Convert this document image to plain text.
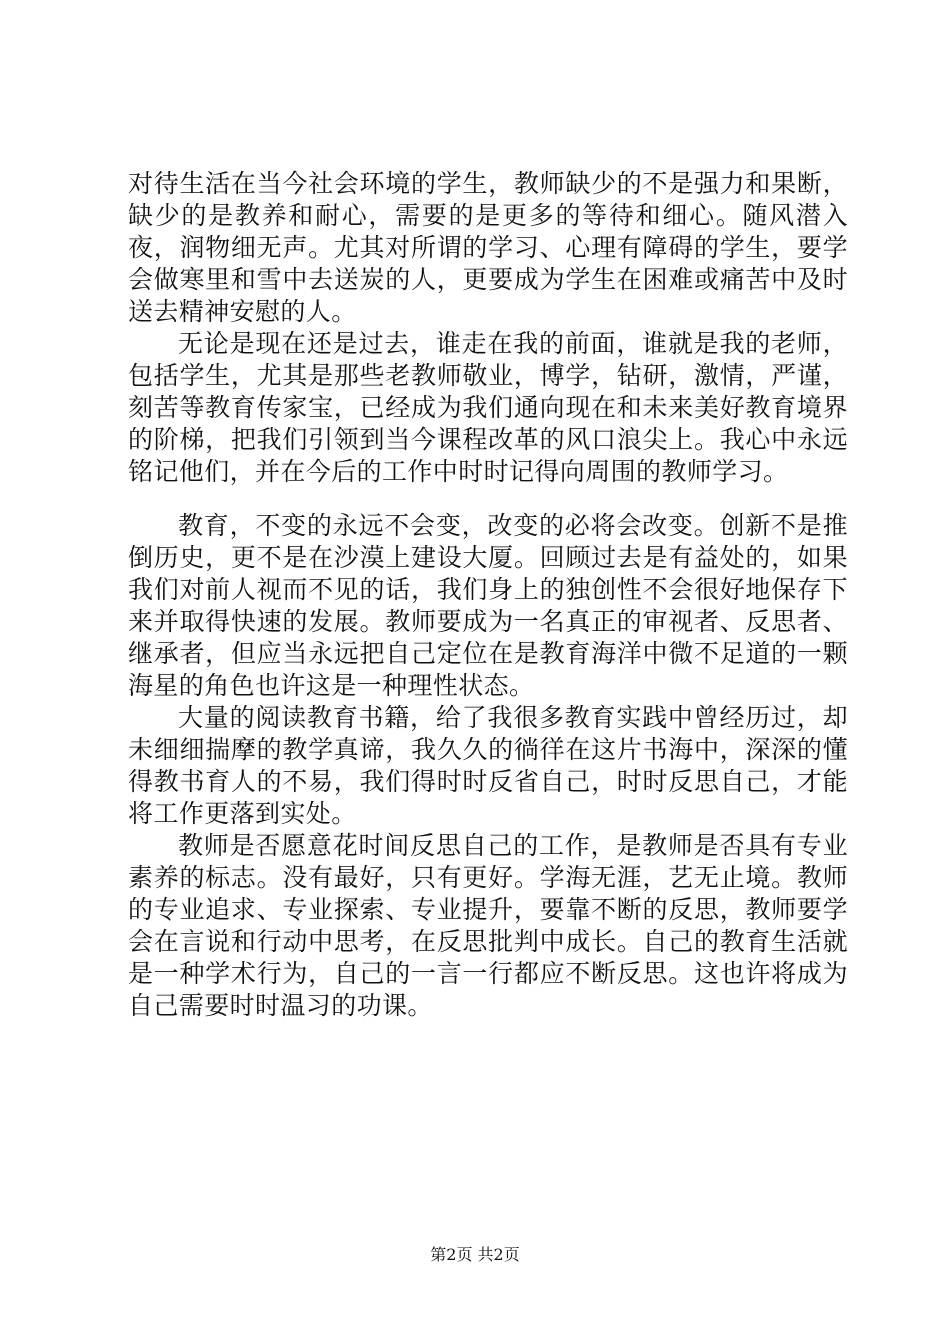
对待生活在当今社会环境的学生，教师缺少的不是强力和果断，缺少的是教养和耐心，需要的是更多的等待和细心。随风潜入夜，润物细无声。尤其对所谓的学习、心理有障碍的学生，要学会做寒里和雪中去送炭的人，更要成为学生在困难或痛苦中及时送去精神安慰的人。

无论是现在还是过去，谁走在我的前面，谁就是我的老师，包括学生，尤其是那些老教师敬业，博学，钻研，激情，严谨，刻苦等教育传家宝，已经成为我们通向现在和未来美好教育境界的阶梯，把我们引领到当今课程改革的风口浪尖上。我心中永远铭记他们，并在今后的工作中时时记得向周围的教师学习。

教育，不变的永远不会变，改变的必将会改变。创新不是推倒历史，更不是在沙漠上建设大厦。回顾过去是有益处的，如果我们对前人视而不见的话，我们身上的独创性不会很好地保存下来并取得快速的发展。教师要成为一名真正的审视者、反思者、继承者，但应当永远把自己定位在是教育海洋中微不足道的一颗海星的角色也许这是一种理性状态。

大量的阅读教育书籍，给了我很多教育实践中曾经历过，却未细细揣摩的教学真谛，我久久的徜徉在这片书海中，深深的懂得教书育人的不易，我们得时时反省自己，时时反思自己，才能将工作更落到实处。

教师是否愿意花时间反思自己的工作，是教师是否具有专业素养的标志。没有最好，只有更好。学海无涯，艺无止境。教师的专业追求、专业探索、专业提升，要靠不断的反思，教师要学会在言说和行动中思考，在反思批判中成长。自己的教育生活就是一种学术行为，自己的一言一行都应不断反思。这也许将成为自己需要时时温习的功课。

第2页 共2页
